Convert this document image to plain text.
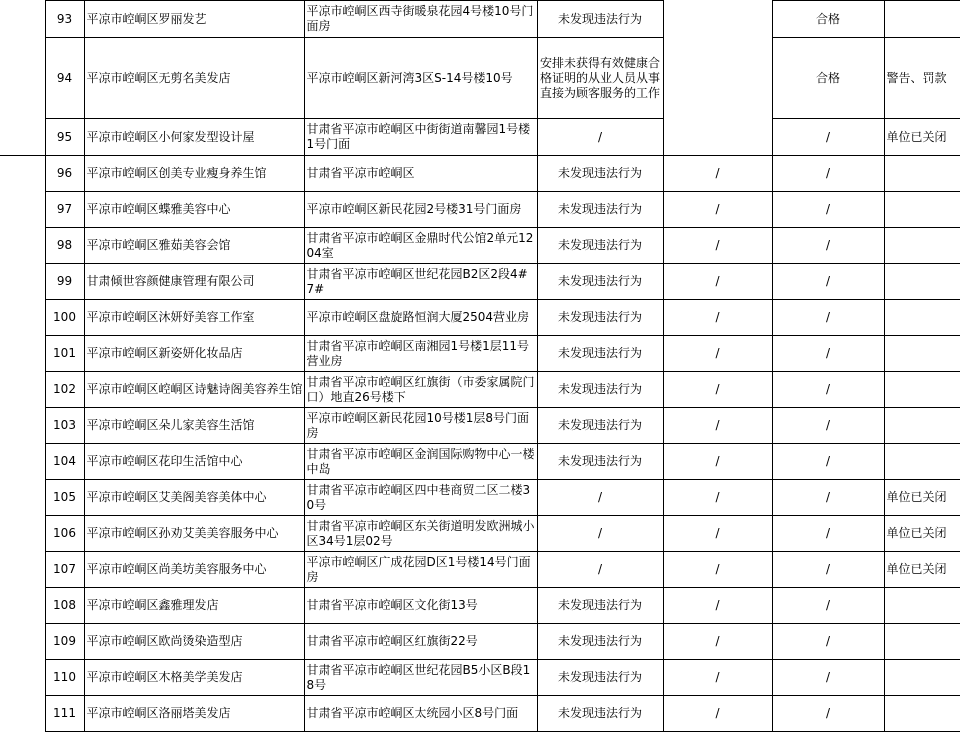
	93	平凉市崆峒区罗丽发艺	平凉市崆峒区西寺街暖泉花园4号楼10号门面房	未发现违法行为		合格	
	94	平凉市崆峒区无剪名美发店	平凉市崆峒区新河湾3区S-14号楼10号	安排未获得有效健康合格证明的从业人员从事直接为顾客服务的工作		合格	警告、罚款
	95	平凉市崆峒区小何家发型设计屋	甘肃省平凉市崆峒区中街街道南馨园1号楼1号门面	/		/	单位已关闭
	96	平凉市崆峒区创美专业瘦身养生馆	甘肃省平凉市崆峒区	未发现违法行为	/	/	
	97	平凉市崆峒区蝶雅美容中心	平凉市崆峒区新民花园2号楼31号门面房	未发现违法行为	/	/	
	98	平凉市崆峒区雅茹美容会馆	甘肃省平凉市崆峒区金鼎时代公馆2单元1204室	未发现违法行为	/	/	
	99	甘肃倾世容颜健康管理有限公司	甘肃省平凉市崆峒区世纪花园B2区2段4#7#	未发现违法行为	/	/	
	100	平凉市崆峒区沐妍妤美容工作室	平凉市崆峒区盘旋路恒润大厦2504营业房	未发现违法行为	/	/	
	101	平凉市崆峒区新姿妍化妆品店	甘肃省平凉市崆峒区南湘园1号楼1层11号营业房	未发现违法行为	/	/	
	102	平凉市崆峒区崆峒区诗魅诗阁美容养生馆	甘肃省平凉市崆峒区红旗街（市委家属院门口）地直26号楼下	未发现违法行为	/	/	
	103	平凉市崆峒区朵儿家美容生活馆	平凉市崆峒区新民花园10号楼1层8号门面房	未发现违法行为	/	/	
	104	平凉市崆峒区花印生活馆中心	甘肃省平凉市崆峒区金润国际购物中心一楼中岛	未发现违法行为	/	/	
	105	平凉市崆峒区艾美阁美容美体中心	甘肃省平凉市崆峒区四中巷商贸二区二楼30号	/	/	/	单位已关闭
	106	平凉市崆峒区孙劝艾美美容服务中心	甘肃省平凉市崆峒区东关街道明发欧洲城小区34号1层02号	/	/	/	单位已关闭
	107	平凉市崆峒区尚美坊美容服务中心	平凉市崆峒区广成花园D区1号楼14号门面房	/	/	/	单位已关闭
	108	平凉市崆峒区鑫雅理发店	甘肃省平凉市崆峒区文化街13号	未发现违法行为	/	/	
	109	平凉市崆峒区欧尚烫染造型店	甘肃省平凉市崆峒区红旗街22号	未发现违法行为	/	/	
	110	平凉市崆峒区木格美学美发店	甘肃省平凉市崆峒区世纪花园B5小区B段18号	未发现违法行为	/	/	
	111	平凉市崆峒区洛丽塔美发店	甘肃省平凉市崆峒区太统园小区8号门面	未发现违法行为	/	/	
